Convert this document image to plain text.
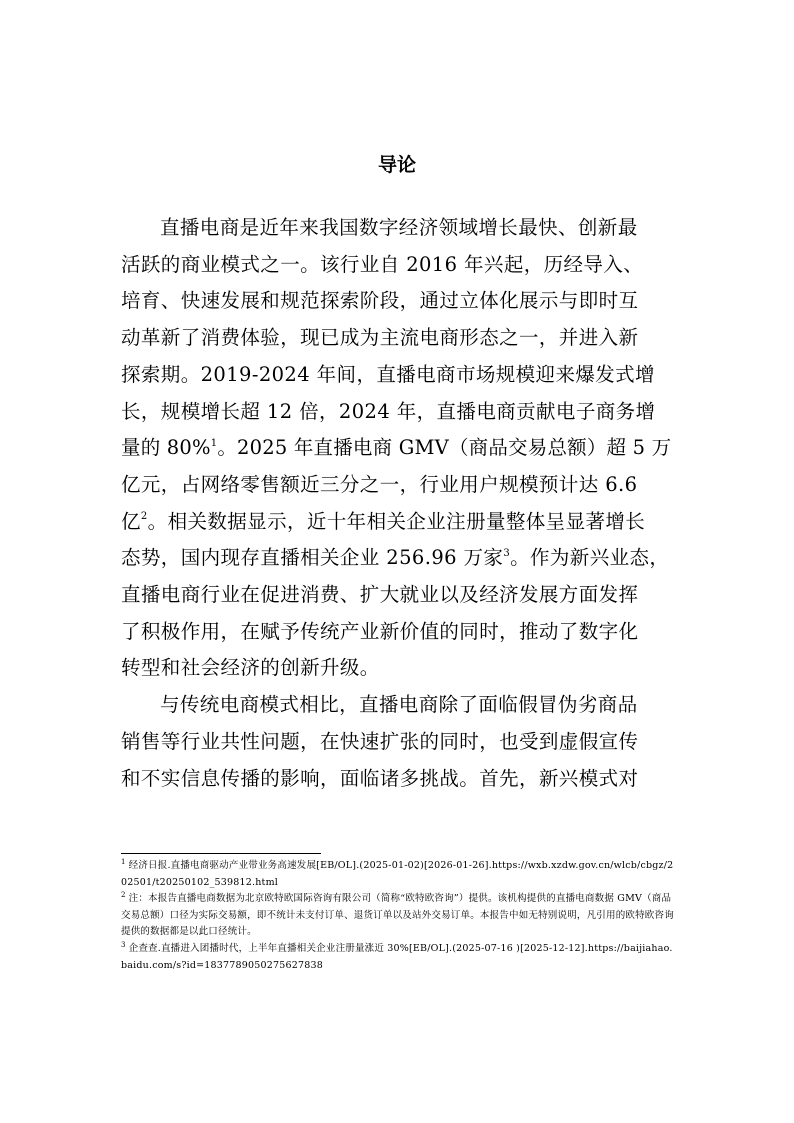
导论
直播电商是近年来我国数字经济领域增长最快、创新最
活跃的商业模式之一。该行业自 2016 年兴起，历经导入、
培育、快速发展和规范探索阶段，通过立体化展示与即时互
动革新了消费体验，现已成为主流电商形态之一，并进入新
探索期。2019-2024 年间，直播电商市场规模迎来爆发式增
长，规模增长超 12 倍，2024 年，直播电商贡献电子商务增
量的 80%$^1$。2025 年直播电商 GMV（商品交易总额）超 5 万
亿元，占网络零售额近三分之一，行业用户规模预计达 6.6
亿$^2$。相关数据显示，近十年相关企业注册量整体呈显著增长
态势，国内现存直播相关企业 256.96 万家$^3$。作为新兴业态，
直播电商行业在促进消费、扩大就业以及经济发展方面发挥
了积极作用，在赋予传统产业新价值的同时，推动了数字化
转型和社会经济的创新升级。
与传统电商模式相比，直播电商除了面临假冒伪劣商品
销售等行业共性问题，在快速扩张的同时，也受到虚假宣传
和不实信息传播的影响，面临诸多挑战。首先，新兴模式对

$^1$ 经济日报.直播电商驱动产业带业务高速发展[EB/OL].(2025-01-02)[2026-01-26].https://wxb.xzdw.gov.cn/wlcb/cbgz/202501/t20250102_539812.html

$^2$ 注：本报告直播电商数据为北京欧特欧国际咨询有限公司（简称“欧特欧咨询”）提供。该机构提供的直播电商数据 GMV（商品交易总额）口径为实际交易额，即不统计未支付订单、退货订单以及站外交易订单。本报告中如无特别说明，凡引用的欧特欧咨询提供的数据都是以此口径统计。

$^3$ 企查查.直播进入团播时代，上半年直播相关企业注册量涨近 30%[EB/OL].(2025-07-16 )[2025-12-12].https://baijiahao.baidu.com/s?id=1837789050275627838
